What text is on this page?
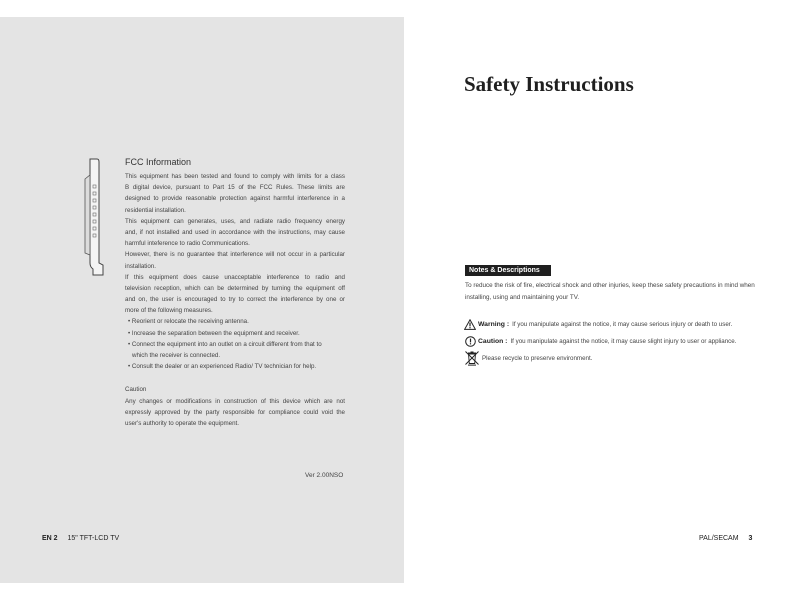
FCC Information
This equipment has been tested and found to comply with limits for a class
B digital device, pursuant to Part 15 of the FCC Rules. These limits are
designed to provide reasonable protection against harmful interference in a
residential installation.
This equipment can generates, uses, and radiate radio frequency energy
and, if not installed and used in accordance with the instructions, may cause
harmful inteference to radio Communications.
However, there is no guarantee that interference will not occur in a particular
installation.
If this equipment does cause unacceptable interference to radio and
television reception, which can be determined by turning the equipment off
and on, the user is encouraged to try to correct the interference by one or
more of the following measures.
• Reorient or relocate the receiving antenna.
• Increase the separation between the equipment and receiver.
• Connect the equipment into an outlet on a circuit different from that to
which the receiver is connected.
• Consult the dealer or an experienced Radio/ TV technician for help.
Caution
Any changes or modifications in construction of this device which are not
expressly approved by the party responsible for compliance could void the
user's authority to operate the equipment.
Ver 2.00NSO
EN 2 15" TFT-LCD TV
Safety Instructions
Notes & Descriptions
To reduce the risk of fire, electrical shock and other injuries, keep these safety precautions in mind when installing, using and maintaining your TV.
Warning : If you manipulate against the notice, it may cause serious injury or death to user.
Caution : If you manipulate against the notice, it may cause slight injury to user or appliance.
Please recycle to preserve environment.
PAL/SECAM 3
